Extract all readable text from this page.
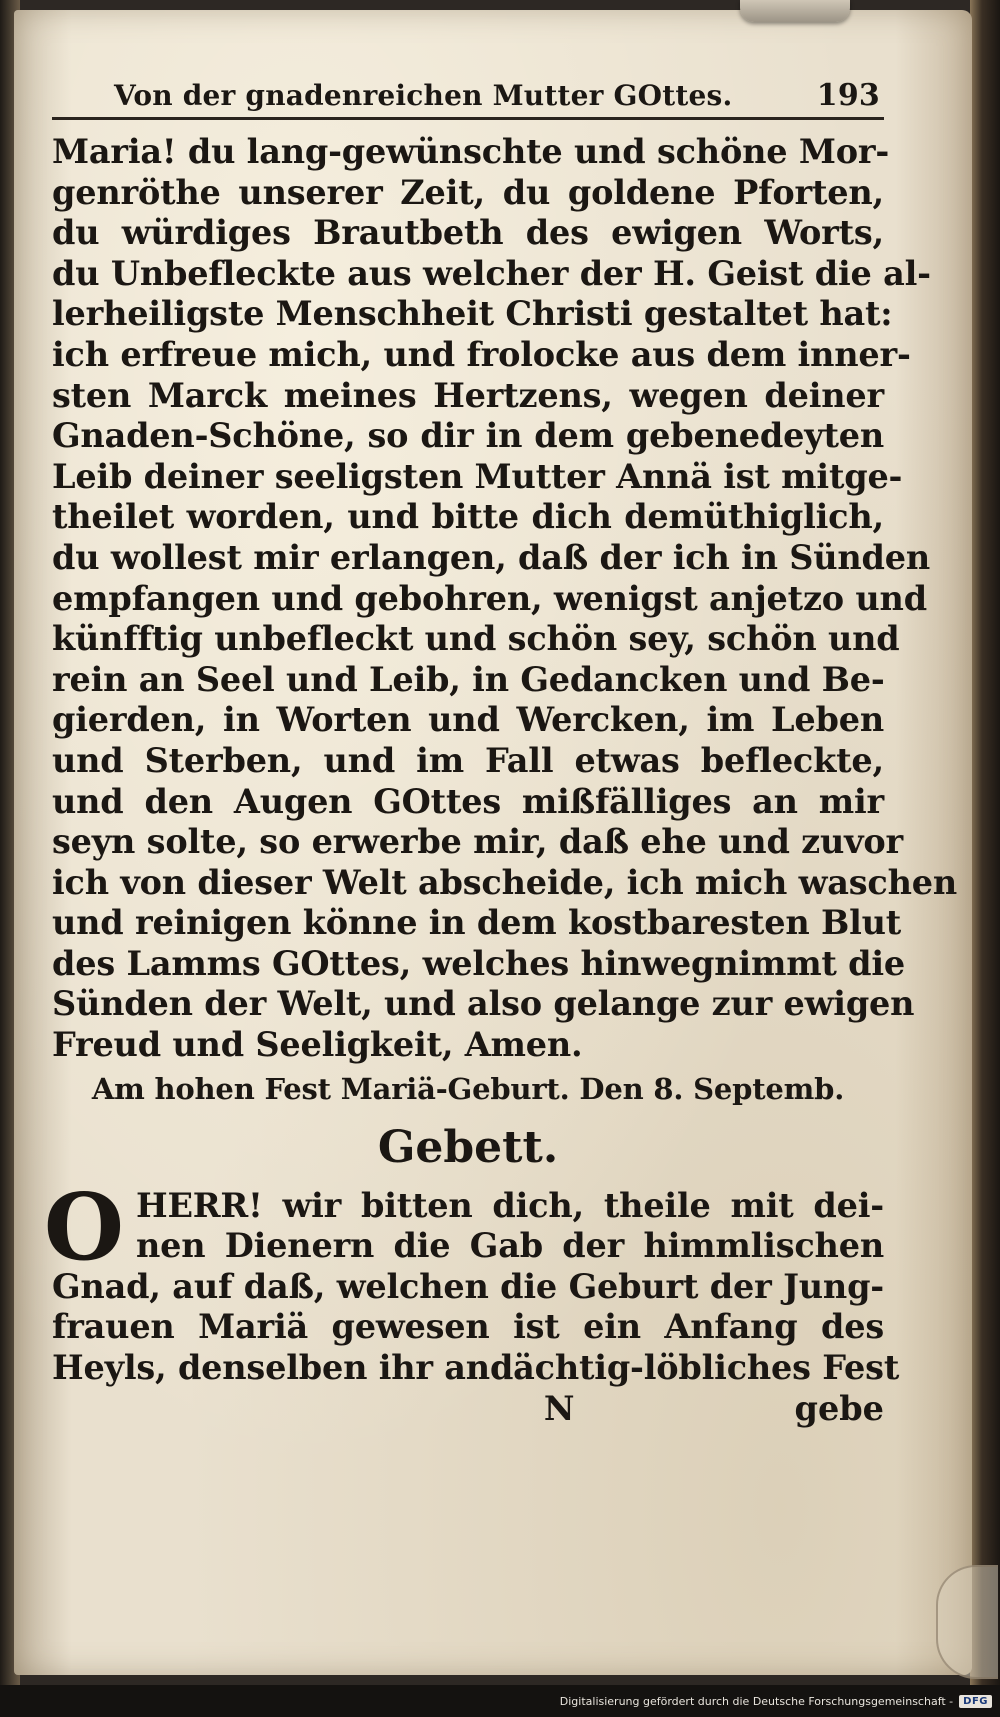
Von der gnadenreichen Mutter GOttes.	193
Maria! du lang-gewünschte und schöne Mor-
genröthe unserer Zeit, du goldene Pforten,
du würdiges Brautbeth des ewigen Worts,
du Unbefleckte aus welcher der H. Geist die al-
lerheiligste Menschheit Christi gestaltet hat:
ich erfreue mich, und frolocke aus dem inner-
sten Marck meines Hertzens, wegen deiner
Gnaden-Schöne, so dir in dem gebenedeyten
Leib deiner seeligsten Mutter Annä ist mitge-
theilet worden, und bitte dich demüthiglich,
du wollest mir erlangen, daß der ich in Sünden
empfangen und gebohren, wenigst anjetzo und
künfftig unbefleckt und schön sey, schön und
rein an Seel und Leib, in Gedancken und Be-
gierden, in Worten und Wercken, im Leben
und Sterben, und im Fall etwas befleckte,
und den Augen GOttes mißfälliges an mir
seyn solte, so erwerbe mir, daß ehe und zuvor
ich von dieser Welt abscheide, ich mich waschen
und reinigen könne in dem kostbaresten Blut
des Lamms GOttes, welches hinwegnimmt die
Sünden der Welt, und also gelange zur ewigen
Freud und Seeligkeit, Amen.
Am hohen Fest Mariä-Geburt. Den 8. Septemb.
Gebett.
O HERR! wir bitten dich, theile mit dei-
nen Dienern die Gab der himmlischen
Gnad, auf daß, welchen die Geburt der Jung-
frauen Mariä gewesen ist ein Anfang des
Heyls, denselben ihr andächtig-löbliches Fest
N	gebe
Digitalisierung gefördert durch die Deutsche Forschungsgemeinschaft -	DFG
